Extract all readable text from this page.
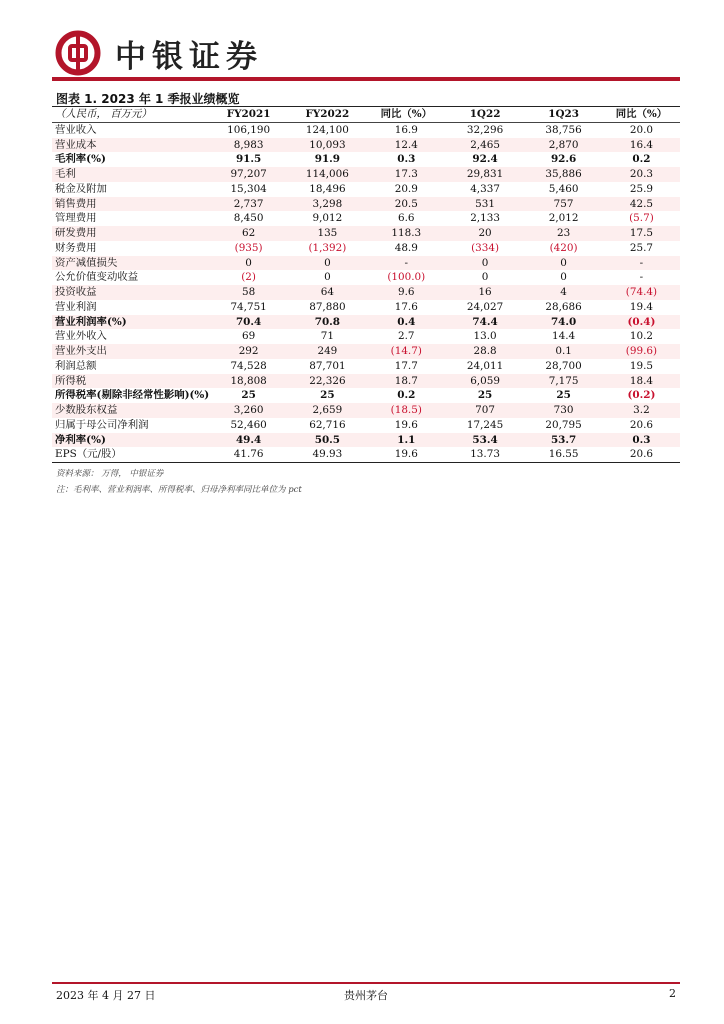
中银证券
图表 1. 2023 年 1 季报业绩概览
（人民币， 百万元）	FY2021	FY2022	同比（%）	1Q22	1Q23	同比（%）
营业收入	106,190	124,100	16.9	32,296	38,756	20.0
营业成本	8,983	10,093	12.4	2,465	2,870	16.4
毛利率(%)	91.5	91.9	0.3	92.4	92.6	0.2
毛利	97,207	114,006	17.3	29,831	35,886	20.3
税金及附加	15,304	18,496	20.9	4,337	5,460	25.9
销售费用	2,737	3,298	20.5	531	757	42.5
管理费用	8,450	9,012	6.6	2,133	2,012	(5.7)
研发费用	62	135	118.3	20	23	17.5
财务费用	(935)	(1,392)	48.9	(334)	(420)	25.7
资产减值损失	0	0	-	0	0	-
公允价值变动收益	(2)	0	(100.0)	0	0	-
投资收益	58	64	9.6	16	4	(74.4)
营业利润	74,751	87,880	17.6	24,027	28,686	19.4
营业利润率(%)	70.4	70.8	0.4	74.4	74.0	(0.4)
营业外收入	69	71	2.7	13.0	14.4	10.2
营业外支出	292	249	(14.7)	28.8	0.1	(99.6)
利润总额	74,528	87,701	17.7	24,011	28,700	19.5
所得税	18,808	22,326	18.7	6,059	7,175	18.4
所得税率(剔除非经常性影响)(%)	25	25	0.2	25	25	(0.2)
少数股东权益	3,260	2,659	(18.5)	707	730	3.2
归属于母公司净利润	52,460	62,716	19.6	17,245	20,795	20.6
净利率(%)	49.4	50.5	1.1	53.4	53.7	0.3
EPS（元/股）	41.76	49.93	19.6	13.73	16.55	20.6
资料来源： 万得， 中银证券
注：毛利率、营业利润率、所得税率、归母净利率同比单位为 pct
2023 年 4 月 27 日	贵州茅台	2
